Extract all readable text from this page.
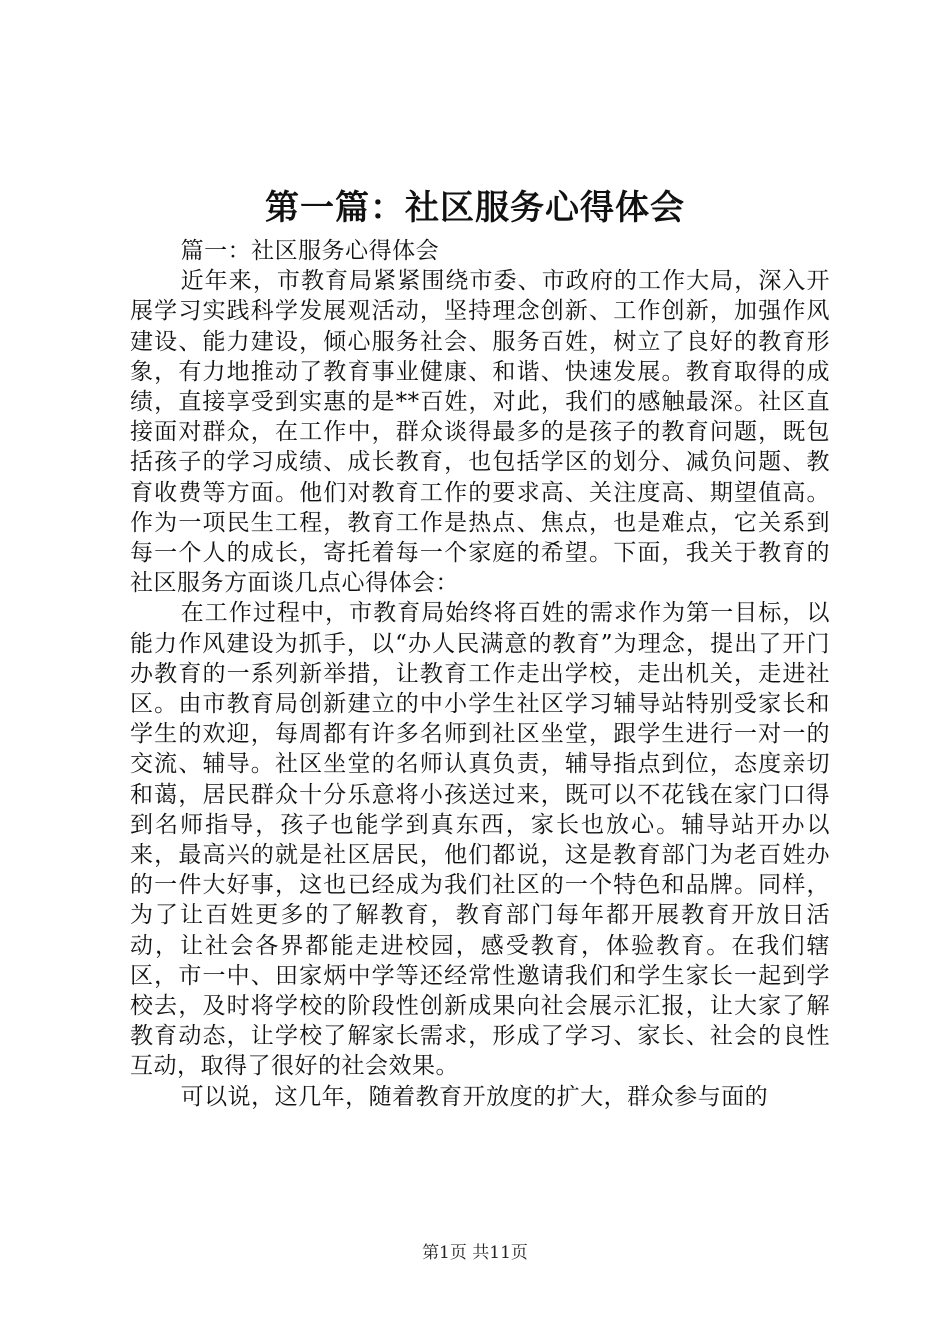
第一篇：社区服务心得体会

篇一：社区服务心得体会

近年来，市教育局紧紧围绕市委、市政府的工作大局，深入开展学习实践科学发展观活动，坚持理念创新、工作创新，加强作风建设、能力建设，倾心服务社会、服务百姓，树立了良好的教育形象，有力地推动了教育事业健康、和谐、快速发展。教育取得的成绩，直接享受到实惠的是**百姓，对此，我们的感触最深。社区直接面对群众，在工作中，群众谈得最多的是孩子的教育问题，既包括孩子的学习成绩、成长教育，也包括学区的划分、减负问题、教育收费等方面。他们对教育工作的要求高、关注度高、期望值高。作为一项民生工程，教育工作是热点、焦点，也是难点，它关系到每一个人的成长，寄托着每一个家庭的希望。下面，我关于教育的社区服务方面谈几点心得体会：

在工作过程中，市教育局始终将百姓的需求作为第一目标，以能力作风建设为抓手，以“办人民满意的教育”为理念，提出了开门办教育的一系列新举措，让教育工作走出学校，走出机关，走进社区。由市教育局创新建立的中小学生社区学习辅导站特别受家长和学生的欢迎，每周都有许多名师到社区坐堂，跟学生进行一对一的交流、辅导。社区坐堂的名师认真负责，辅导指点到位，态度亲切和蔼，居民群众十分乐意将小孩送过来，既可以不花钱在家门口得到名师指导，孩子也能学到真东西，家长也放心。辅导站开办以来，最高兴的就是社区居民，他们都说，这是教育部门为老百姓办的一件大好事，这也已经成为我们社区的一个特色和品牌。同样，为了让百姓更多的了解教育，教育部门每年都开展教育开放日活动，让社会各界都能走进校园，感受教育，体验教育。在我们辖区，市一中、田家炳中学等还经常性邀请我们和学生家长一起到学校去，及时将学校的阶段性创新成果向社会展示汇报，让大家了解教育动态，让学校了解家长需求，形成了学习、家长、社会的良性互动，取得了很好的社会效果。

可以说，这几年，随着教育开放度的扩大，群众参与面的

第1页 共11页
